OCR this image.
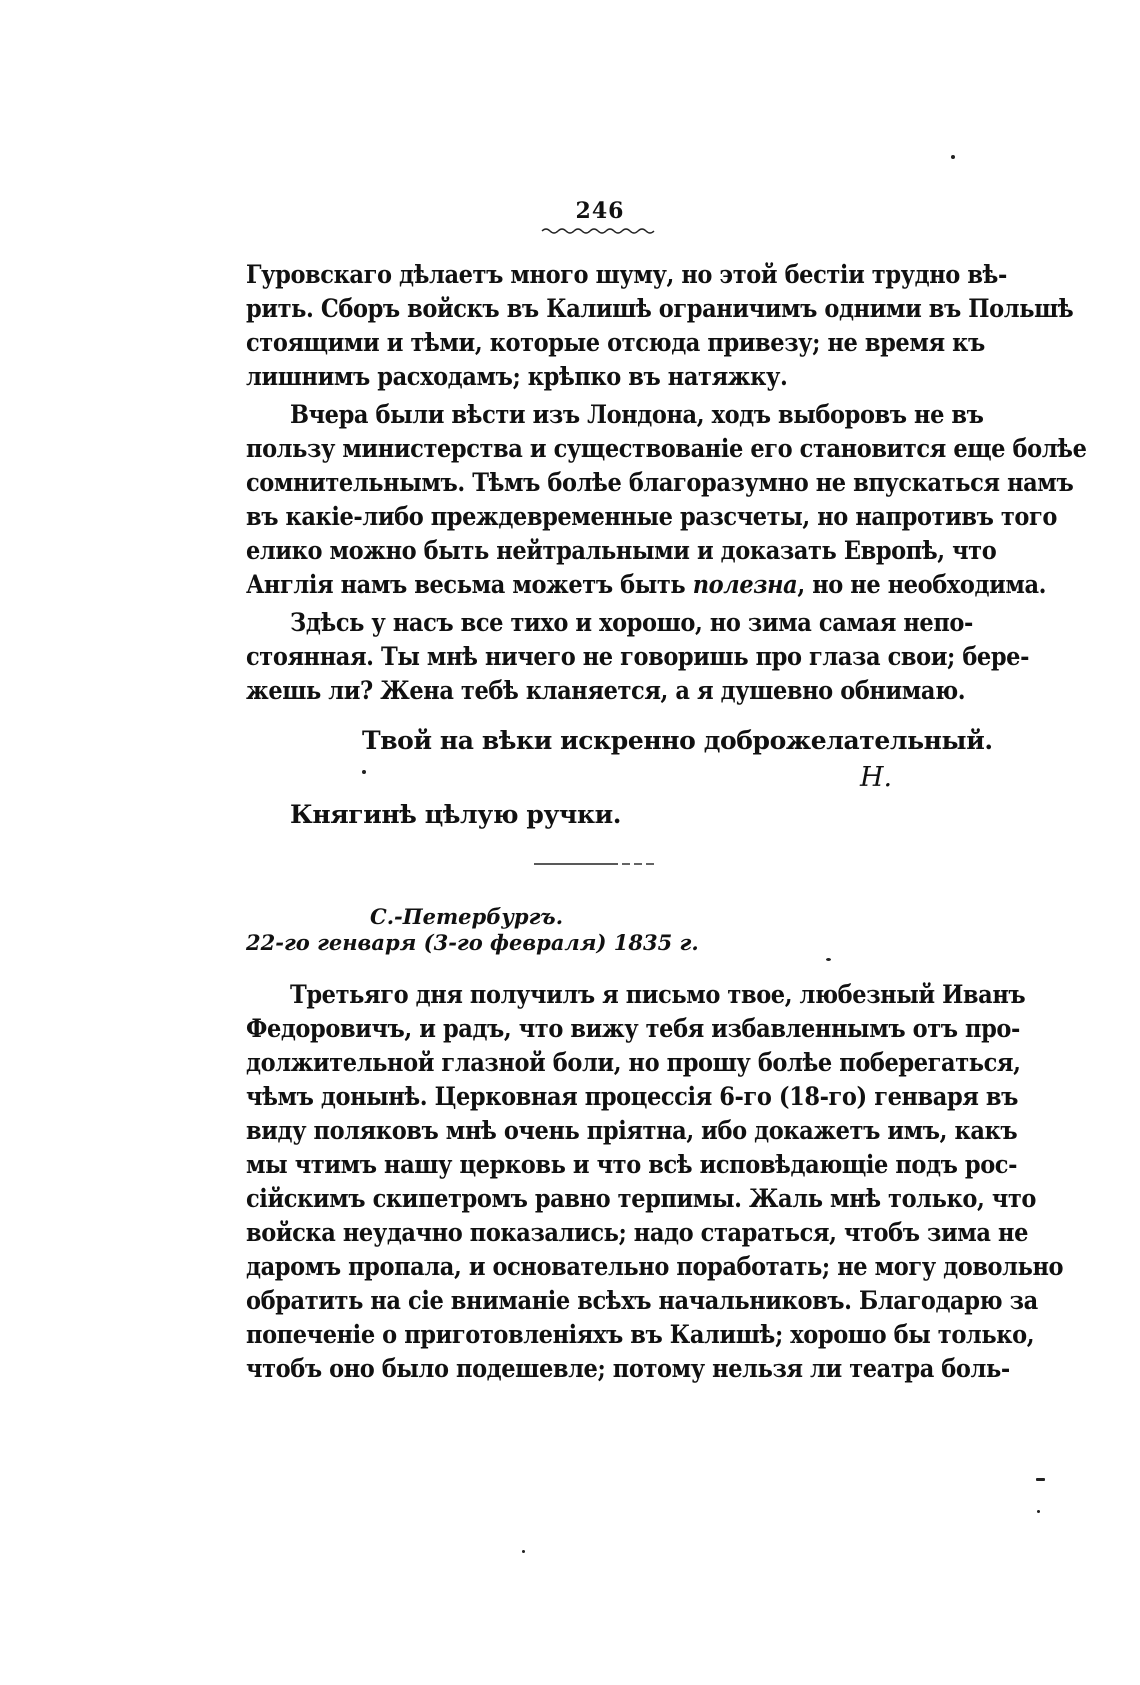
246
Гуровскаго дѣлаетъ много шуму, но этой бестіи трудно вѣ-
рить. Сборъ войскъ въ Калишѣ ограничимъ одними въ Польшѣ
стоящими и тѣми, которые отсюда привезу; не время къ
лишнимъ расходамъ; крѣпко въ натяжку.
Вчера были вѣсти изъ Лондона, ходъ выборовъ не въ
пользу министерства и существованіе его становится еще болѣе
сомнительнымъ. Тѣмъ болѣе благоразумно не впускаться намъ
въ какіе-либо преждевременные разсчеты, но напротивъ того
елико можно быть нейтральными и доказать Европѣ, что
Англія намъ весьма можетъ быть полезна, но не необходима.
Здѣсь у насъ все тихо и хорошо, но зима самая непо-
стоянная. Ты мнѣ ничего не говоришь про глаза свои; бере-
жешь ли? Жена тебѣ кланяется, а я душевно обнимаю.
Твой на вѣки искренно доброжелательный.
Н.
Княгинѣ цѣлую ручки.
С.-Петербургъ.
22-го генваря (3-го февраля) 1835 г.
Третьяго дня получилъ я письмо твое, любезный Иванъ
Федоровичъ, и радъ, что вижу тебя избавленнымъ отъ про-
должительной глазной боли, но прошу болѣе поберегаться,
чѣмъ донынѣ. Церковная процессія 6-го (18-го) генваря въ
виду поляковъ мнѣ очень пріятна, ибо докажетъ имъ, какъ
мы чтимъ нашу церковь и что всѣ исповѣдающіе подъ рос-
сійскимъ скипетромъ равно терпимы. Жаль мнѣ только, что
войска неудачно показались; надо стараться, чтобъ зима не
даромъ пропала, и основательно поработать; не могу довольно
обратить на сіе вниманіе всѣхъ начальниковъ. Благодарю за
попеченіе о приготовленіяхъ въ Калишѣ; хорошо бы только,
чтобъ оно было подешевле; потому нельзя ли театра боль-
